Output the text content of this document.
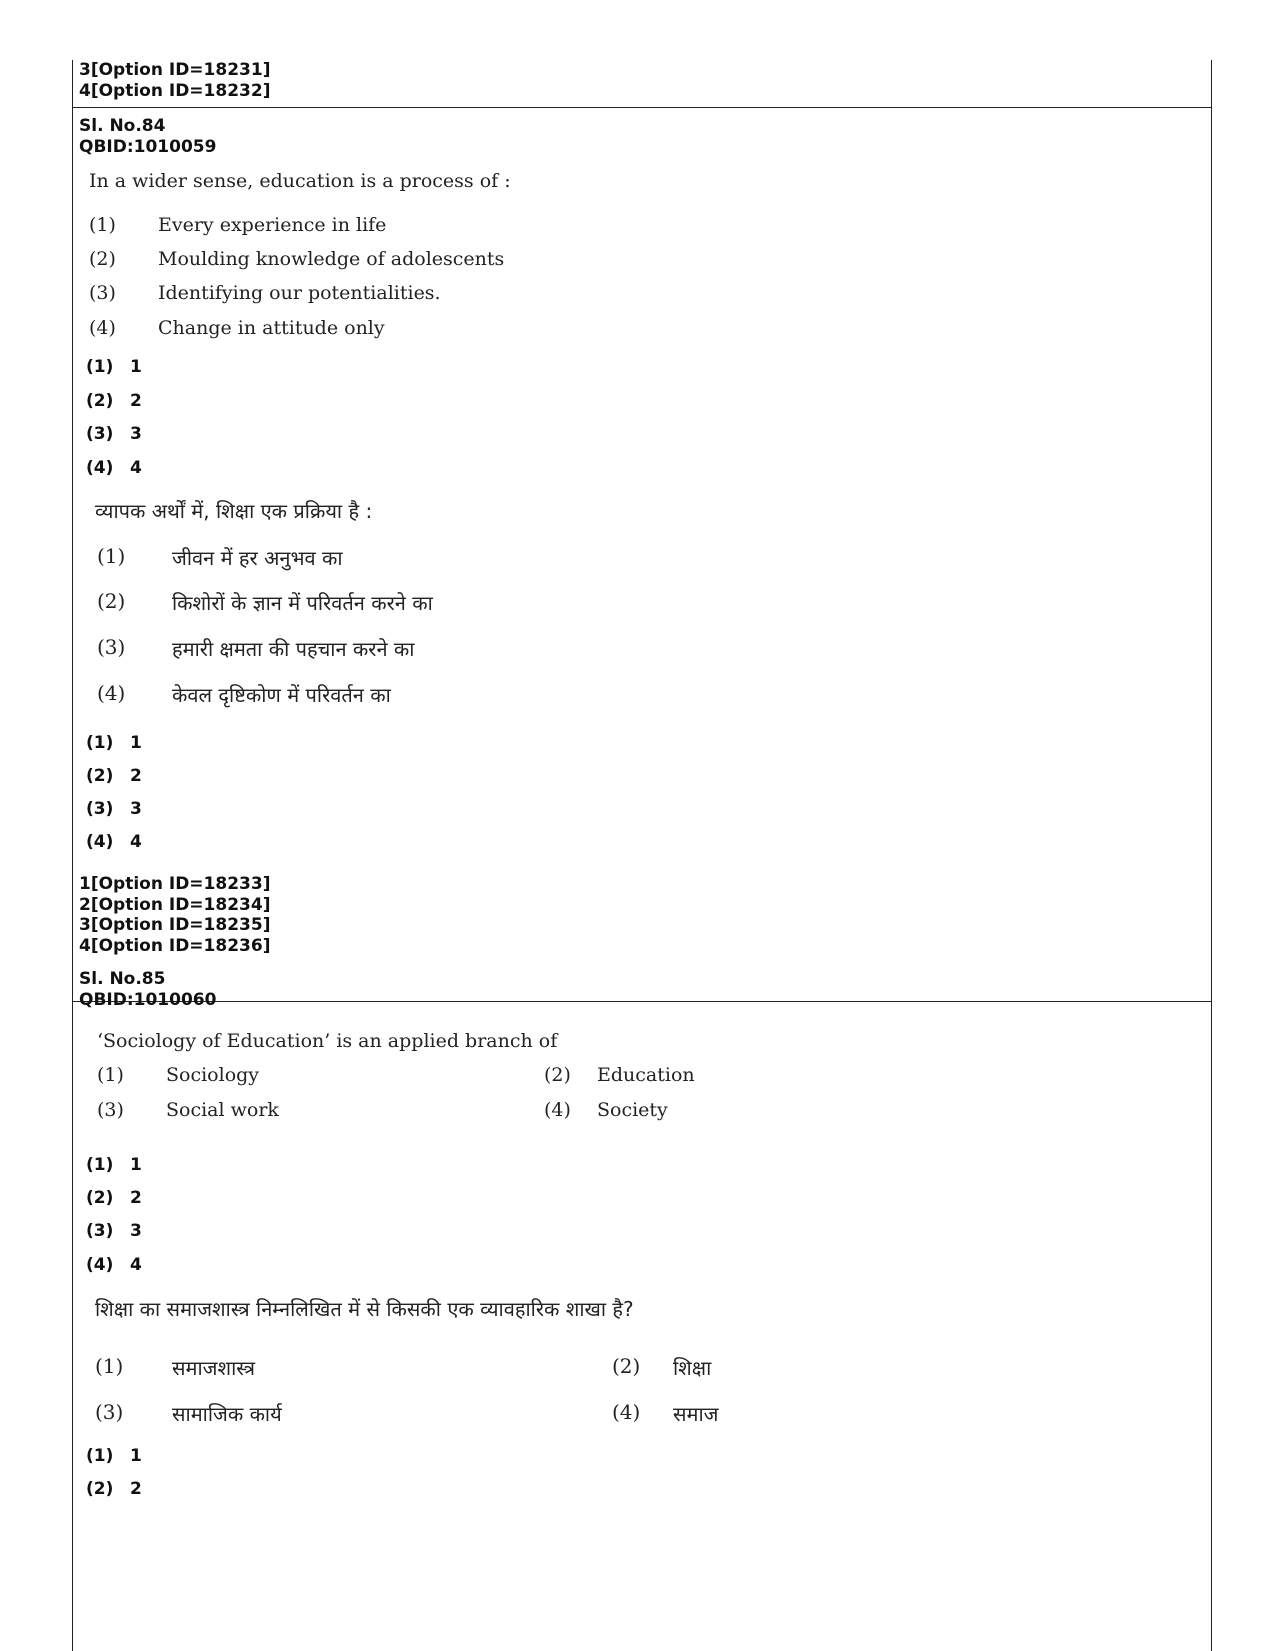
3[Option ID=18231]
4[Option ID=18232]
Sl. No.84
QBID:1010059
In a wider sense, education is a process of :
(1) Every experience in life
(2) Moulding knowledge of adolescents
(3) Identifying our potentialities.
(4) Change in attitude only
(1) 1
(2) 2
(3) 3
(4) 4
व्यापक अर्थों में, शिक्षा एक प्रक्रिया है :
(1) जीवन में हर अनुभव का
(2) किशोरों के ज्ञान में परिवर्तन करने का
(3) हमारी क्षमता की पहचान करने का
(4) केवल दृष्टिकोण में परिवर्तन का
(1) 1
(2) 2
(3) 3
(4) 4
1[Option ID=18233]
2[Option ID=18234]
3[Option ID=18235]
4[Option ID=18236]
Sl. No.85
QBID:1010060
‘Sociology of Education’ is an applied branch of
(1) Sociology	(2) Education
(3) Social work	(4) Society
(1) 1
(2) 2
(3) 3
(4) 4
शिक्षा का समाजशास्त्र निम्नलिखित में से किसकी एक व्यावहारिक शाखा है?
(1) समाजशास्त्र	(2) शिक्षा
(3) सामाजिक कार्य	(4) समाज
(1) 1
(2) 2
